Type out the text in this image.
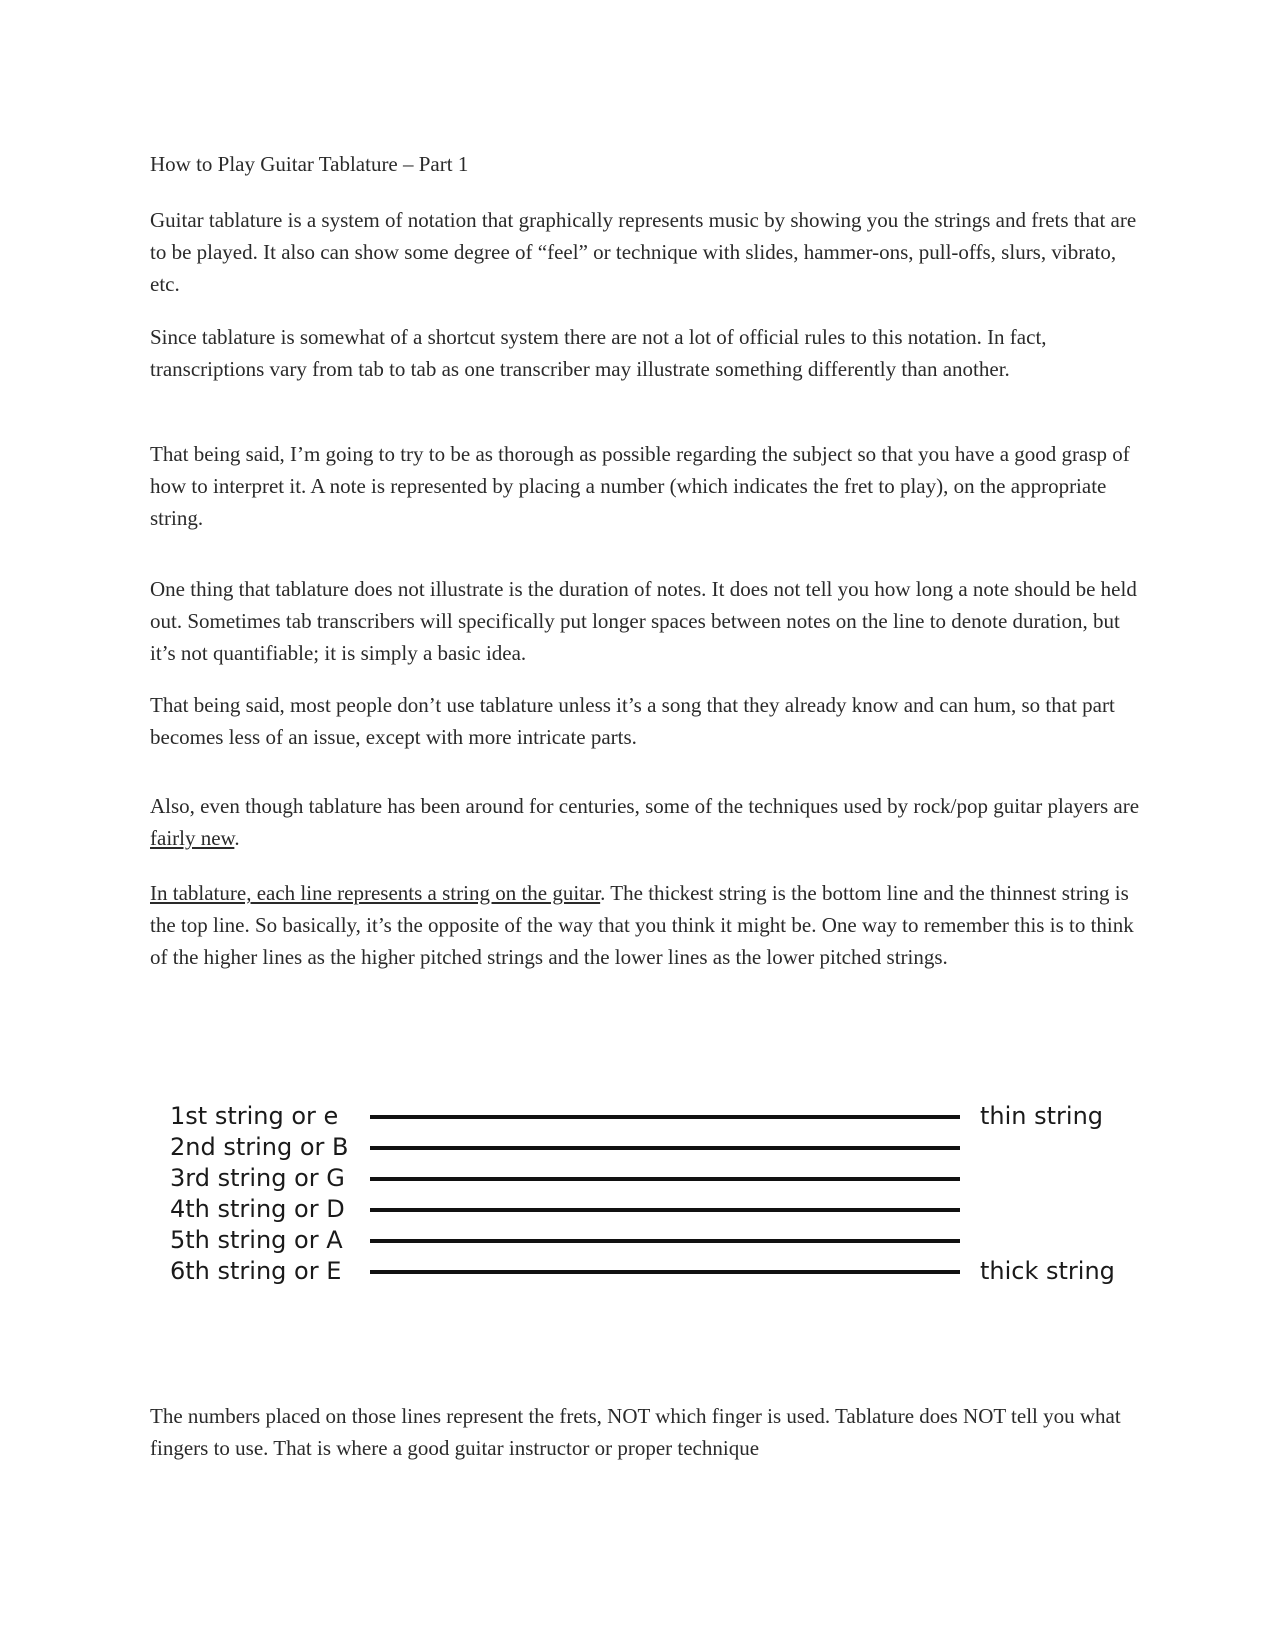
How to Play Guitar Tablature – Part 1

Guitar tablature is a system of notation that graphically represents music by showing you the strings and frets that are to be played. It also can show some degree of “feel” or technique with slides, hammer-ons, pull-offs, slurs, vibrato, etc.

Since tablature is somewhat of a shortcut system there are not a lot of official rules to this notation. In fact, transcriptions vary from tab to tab as one transcriber may illustrate something differently than another.

That being said, I’m going to try to be as thorough as possible regarding the subject so that you have a good grasp of how to interpret it. A note is represented by placing a number (which indicates the fret to play), on the appropriate string.

One thing that tablature does not illustrate is the duration of notes. It does not tell you how long a note should be held out. Sometimes tab transcribers will specifically put longer spaces between notes on the line to denote duration, but it’s not quantifiable; it is simply a basic idea.

That being said, most people don’t use tablature unless it’s a song that they already know and can hum, so that part becomes less of an issue, except with more intricate parts.

Also, even though tablature has been around for centuries, some of the techniques used by rock/pop guitar players are fairly new.

In tablature, each line represents a string on the guitar. The thickest string is the bottom line and the thinnest string is the top line. So basically, it’s the opposite of the way that you think it might be. One way to remember this is to think of the higher lines as the higher pitched strings and the lower lines as the lower pitched strings.

1st string or e	thin string
2nd string or B
3rd string or G
4th string or D
5th string or A
6th string or E	thick string

The numbers placed on those lines represent the frets, NOT which finger is used. Tablature does NOT tell you what fingers to use. That is where a good guitar instructor or proper technique
